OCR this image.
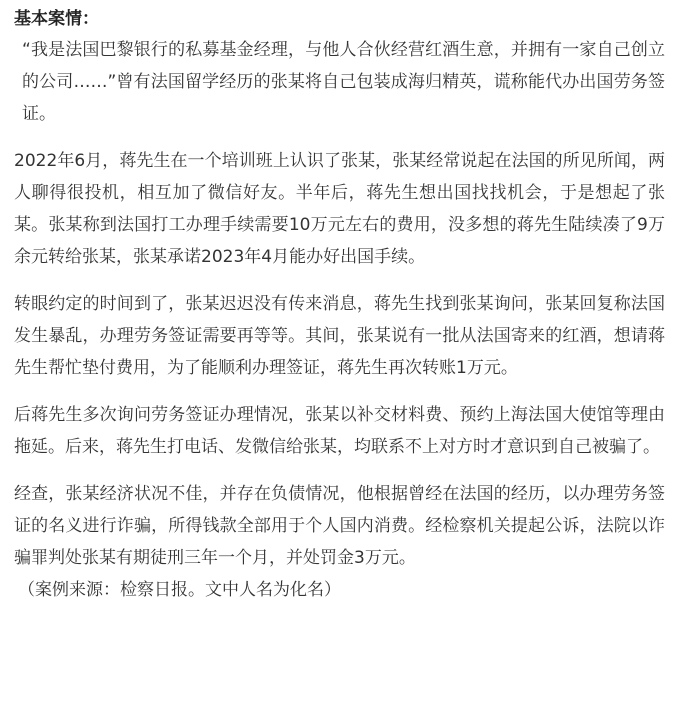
基本案情：

“我是法国巴黎银行的私募基金经理，与他人合伙经营红酒生意，并拥有一家自己创立的公司……”曾有法国留学经历的张某将自己包装成海归精英，谎称能代办出国劳务签证。

2022年6月，蒋先生在一个培训班上认识了张某，张某经常说起在法国的所见所闻，两人聊得很投机，相互加了微信好友。半年后，蒋先生想出国找找机会，于是想起了张某。张某称到法国打工办理手续需要10万元左右的费用，没多想的蒋先生陆续凑了9万余元转给张某，张某承诺2023年4月能办好出国手续。

转眼约定的时间到了，张某迟迟没有传来消息，蒋先生找到张某询问，张某回复称法国发生暴乱，办理劳务签证需要再等等。其间，张某说有一批从法国寄来的红酒，想请蒋先生帮忙垫付费用，为了能顺利办理签证，蒋先生再次转账1万元。

后蒋先生多次询问劳务签证办理情况，张某以补交材料费、预约上海法国大使馆等理由拖延。后来，蒋先生打电话、发微信给张某，均联系不上对方时才意识到自己被骗了。

经查，张某经济状况不佳，并存在负债情况，他根据曾经在法国的经历，以办理劳务签证的名义进行诈骗，所得钱款全部用于个人国内消费。经检察机关提起公诉，法院以诈骗罪判处张某有期徒刑三年一个月，并处罚金3万元。

（案例来源：检察日报。文中人名为化名）
